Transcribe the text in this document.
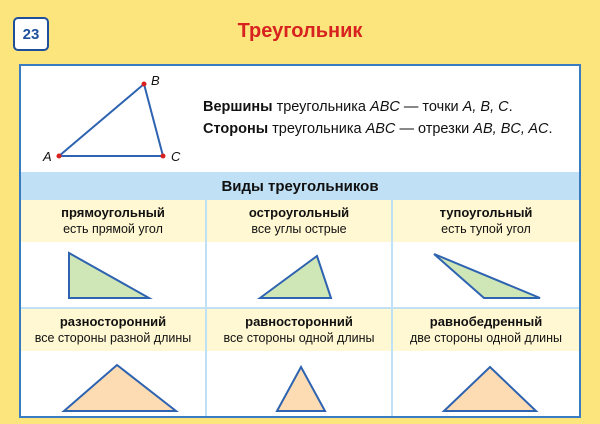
23	Треугольник
A
B
C
Вершины треугольника ABC — точки A, B, C.
Стороны треугольника ABC — отрезки AB, BC, AC.
Виды треугольников
прямоугольный
есть прямой угол
остроугольный
все углы острые
тупоугольный
есть тупой угол
разносторонний
все стороны разной длины
равносторонний
все стороны одной длины
равнобедренный
две стороны одной длины
